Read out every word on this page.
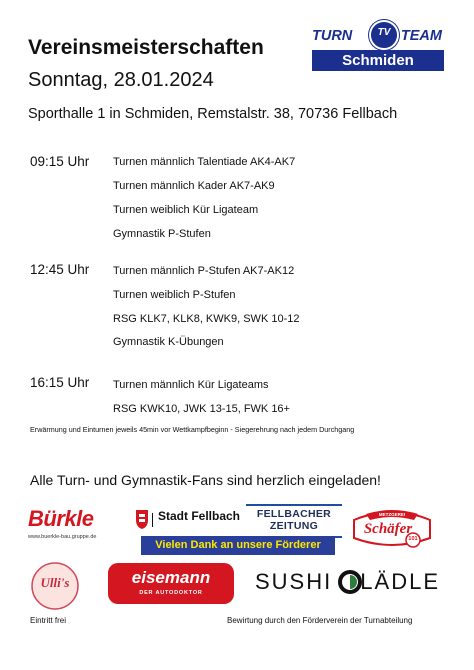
Vereinsmeisterschaften
Sonntag, 28.01.2024
Sporthalle 1 in Schmiden, Remstalstr. 38, 70736 Fellbach
TURN	TEAM
TV
Schmiden
09:15 Uhr Turnen männlich Talentiade AK4-AK7
Turnen männlich Kader AK7-AK9
Turnen weiblich Kür Ligateam
Gymnastik P-Stufen
12:45 Uhr Turnen männlich P-Stufen AK7-AK12
Turnen weiblich P-Stufen
RSG KLK7, KLK8, KWK9, SWK 10-12
Gymnastik K-Übungen
16:15 Uhr Turnen männlich Kür Ligateams
RSG KWK10, JWK 13-15, FWK 16+
Erwärmung und Einturnen jeweils 45min vor Wettkampfbeginn - Siegerehrung nach jedem Durchgang
Alle Turn- und Gymnastik-Fans sind herzlich eingeladen!
Bürkle
www.buerkle-bau.gruppe.de
Stadt Fellbach	FELLBACHER
ZEITUNG
Vielen Dank an unsere Förderer
METZGEREI
Schäfer
101
Ulli's	eisemann
DER AUTODOKTOR	SUSHI LÄDLE
Eintritt frei	Bewirtung durch den Förderverein der Turnabteilung
